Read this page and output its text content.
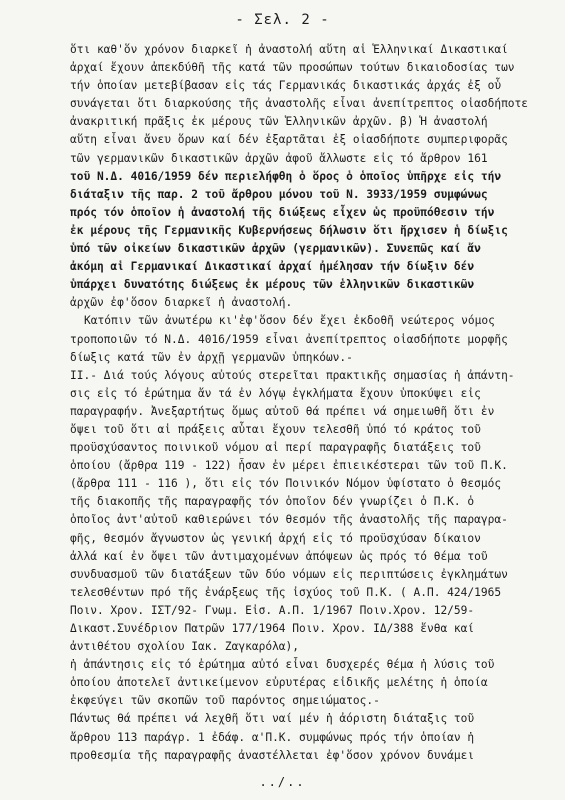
- Σελ. 2 -
ὅτι καθ'ὅν χρόνον διαρκεῖ ἡ ἀναστολή αὕτη αἱ Ἑλληνικαί Δικαστικαί
ἀρχαί ἔχουν ἀπεκδύθῆ τῆς κατά τῶν προσώπων τούτων δικαιοδοσίας των
τήν ὁποίαν μετεβίβασαν εἰς τάς Γερμανικάς δικαστικάς ἀρχάς ἐξ οὗ
συνάγεται ὅτι διαρκούσης τῆς ἀναστολῆς εἶναι ἀνεπίτρεπτος οἱασδήποτε
ἀνακριτική πρᾶξις ἐκ μέρους τῶν Ἑλληνικῶν ἀρχῶν. β) Ἡ ἀναστολή
αὕτη εἶναι ἄνευ ὅρων καί δέν ἐξαρτᾶται ἐξ οἱασδήποτε συμπεριφορᾶς
τῶν γερμανικῶν δικαστικῶν ἀρχῶν ἀφοῦ ἄλλωστε εἰς τό ἄρθρον 161
τοῦ Ν.Δ. 4016/1959 δέν περιελήφθη ὁ ὅρος ὁ ὁποῖος ὑπῆρχε εἰς τήν
διάταξιν τῆς παρ. 2 τοῦ ἄρθρου μόνου τοῦ Ν. 3933/1959 συμφώνως
πρός τόν ὁποῖον ἡ ἀναστολή τῆς διώξεως εἶχεν ὡς προϋπόθεσιν τήν
ἐκ μέρους τῆς Γερμανικῆς Κυβερνήσεως δήλωσιν ὅτι ἤρχισεν ἡ δίωξις
ὑπό τῶν οἰκείων δικαστικῶν ἀρχῶν (γερμανικῶν). Συνεπῶς καί ἄν
ἀκόμη αἱ Γερμανικαί Δικαστικαί ἀρχαί ἠμέλησαν τήν δίωξιν δέν
ὑπάρχει δυνατότης διώξεως ἐκ μέρους τῶν ἑλληνικῶν δικαστικῶν
ἀρχῶν ἐφ'ὅσον διαρκεῖ ἡ ἀναστολή.
Κατόπιν τῶν ἀνωτέρω κι'ἐφ'ὅσον δέν ἔχει ἐκδοθῆ νεώτερος νόμος
τροποποιῶν τό Ν.Δ. 4016/1959 εἶναι ἀνεπίτρεπτος οἱασδήποτε μορφῆς
δίωξις κατά τῶν ἐν ἀρχῇ γερμανῶν ὑπηκόων.-
ΙΙ.- Διά τούς λόγους αὐτούς στερεῖται πρακτικῆς σημασίας ἡ ἀπάντη-
σις εἰς τό ἐρώτημα ἄν τά ἐν λόγῳ ἐγκλήματα ἔχουν ὑποκύψει εἰς
παραγραφήν. Ἀνεξαρτήτως ὅμως αὐτοῦ θά πρέπει νά σημειωθῆ ὅτι ἐν
ὄψει τοῦ ὅτι αἱ πράξεις αὗται ἔχουν τελεσθῆ ὑπό τό κράτος τοῦ
προϋσχύσαντος ποινικοῦ νόμου αἱ περί παραγραφῆς διατάξεις τοῦ
ὁποίου (ἄρθρα 119 - 122) ἦσαν ἐν μέρει ἐπιεικέστεραι τῶν τοῦ Π.Κ.
(ἄρθρα 111 - 116 ), ὅτι εἰς τόν Ποινικόν Νόμον ὑφίστατο ὁ θεσμός
τῆς διακοπῆς τῆς παραγραφῆς τόν ὁποῖον δέν γνωρίζει ὁ Π.Κ. ὁ
ὁποῖος ἀντ'αὐτοῦ καθιερώνει τόν θεσμόν τῆς ἀναστολῆς τῆς παραγρα-
φῆς, θεσμόν ἄγνωστον ὡς γενική ἀρχή εἰς τό προϋσχύσαν δίκαιον
ἀλλά καί ἐν ὄψει τῶν ἀντιμαχομένων ἀπόψεων ὡς πρός τό θέμα τοῦ
συνδυασμοῦ τῶν διατάξεων τῶν δύο νόμων εἰς περιπτώσεις ἐγκλημάτων
τελεσθέντων πρό τῆς ἐνάρξεως τῆς ἰσχύος τοῦ Π.Κ. ( Α.Π. 424/1965
Ποιν. Χρον. ΙΣΤ/92- Γνωμ. Εἰσ. Α.Π. 1/1967 Ποιν.Χρον. 12/59-
Δικαστ.Συνέδριον Πατρῶν 177/1964 Ποιν. Χρον. ΙΔ/388 ἔνθα καί
ἀντιθέτου σχολίου Ιακ. Ζαγκαρόλα),
ἡ ἀπάντησις εἰς τό ἐρώτημα αὐτό εἶναι δυσχερές θέμα ἡ λύσις τοῦ
ὁποίου ἀποτελεῖ ἀντικείμενον εὐρυτέρας εἰδικῆς μελέτης ἡ ὁποία
ἐκφεύγει τῶν σκοπῶν τοῦ παρόντος σημειώματος.-
Πάντως θά πρέπει νά λεχθῆ ὅτι ναί μέν ἡ ἀόριστη διάταξις τοῦ
ἄρθρου 113 παράγρ. 1 ἐδάφ. α'Π.Κ. συμφώνως πρός τήν ὁποίαν ἡ
προθεσμία τῆς παραγραφῆς ἀναστέλλεται ἐφ'ὅσον χρόνον δυνάμει
../..
